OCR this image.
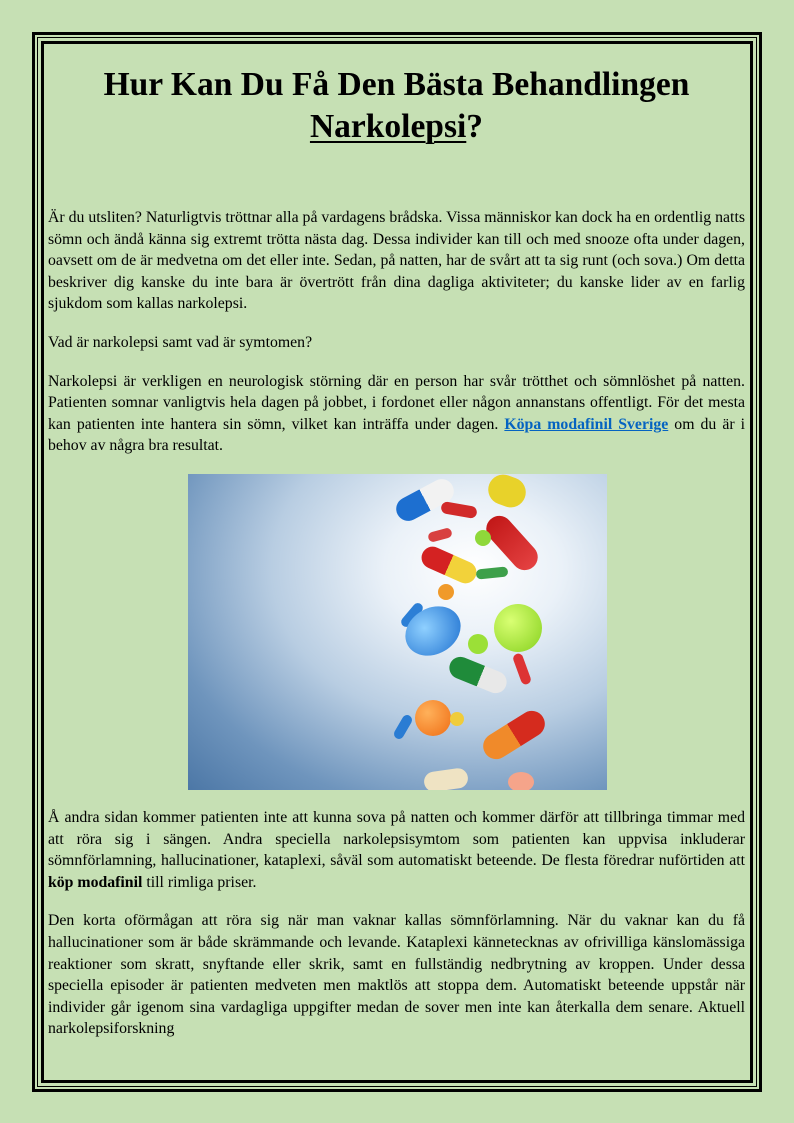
Hur Kan Du Få Den Bästa Behandlingen
Narkolepsi?

Är du utsliten? Naturligtvis tröttnar alla på vardagens brådska. Vissa människor kan dock ha en ordentlig natts sömn och ändå känna sig extremt trötta nästa dag. Dessa individer kan till och med snooze ofta under dagen, oavsett om de är medvetna om det eller inte. Sedan, på natten, har de svårt att ta sig runt (och sova.) Om detta beskriver dig kanske du inte bara är övertrött från dina dagliga aktiviteter; du kanske lider av en farlig sjukdom som kallas narkolepsi.

Vad är narkolepsi samt vad är symtomen?

Narkolepsi är verkligen en neurologisk störning där en person har svår trötthet och sömnlöshet på natten. Patienten somnar vanligtvis hela dagen på jobbet, i fordonet eller någon annanstans offentligt. För det mesta kan patienten inte hantera sin sömn, vilket kan inträffa under dagen. Köpa modafinil Sverige om du är i behov av några bra resultat.

Å andra sidan kommer patienten inte att kunna sova på natten och kommer därför att tillbringa timmar med att röra sig i sängen. Andra speciella narkolepsisymtom som patienten kan uppvisa inkluderar sömnförlamning, hallucinationer, kataplexi, såväl som automatiskt beteende. De flesta föredrar nuförtiden att köp modafinil till rimliga priser.

Den korta oförmågan att röra sig när man vaknar kallas sömnförlamning. När du vaknar kan du få hallucinationer som är både skrämmande och levande. Kataplexi kännetecknas av ofrivilliga känslomässiga reaktioner som skratt, snyftande eller skrik, samt en fullständig nedbrytning av kroppen. Under dessa speciella episoder är patienten medveten men maktlös att stoppa dem. Automatiskt beteende uppstår när individer går igenom sina vardagliga uppgifter medan de sover men inte kan återkalla dem senare. Aktuell narkolepsiforskning
